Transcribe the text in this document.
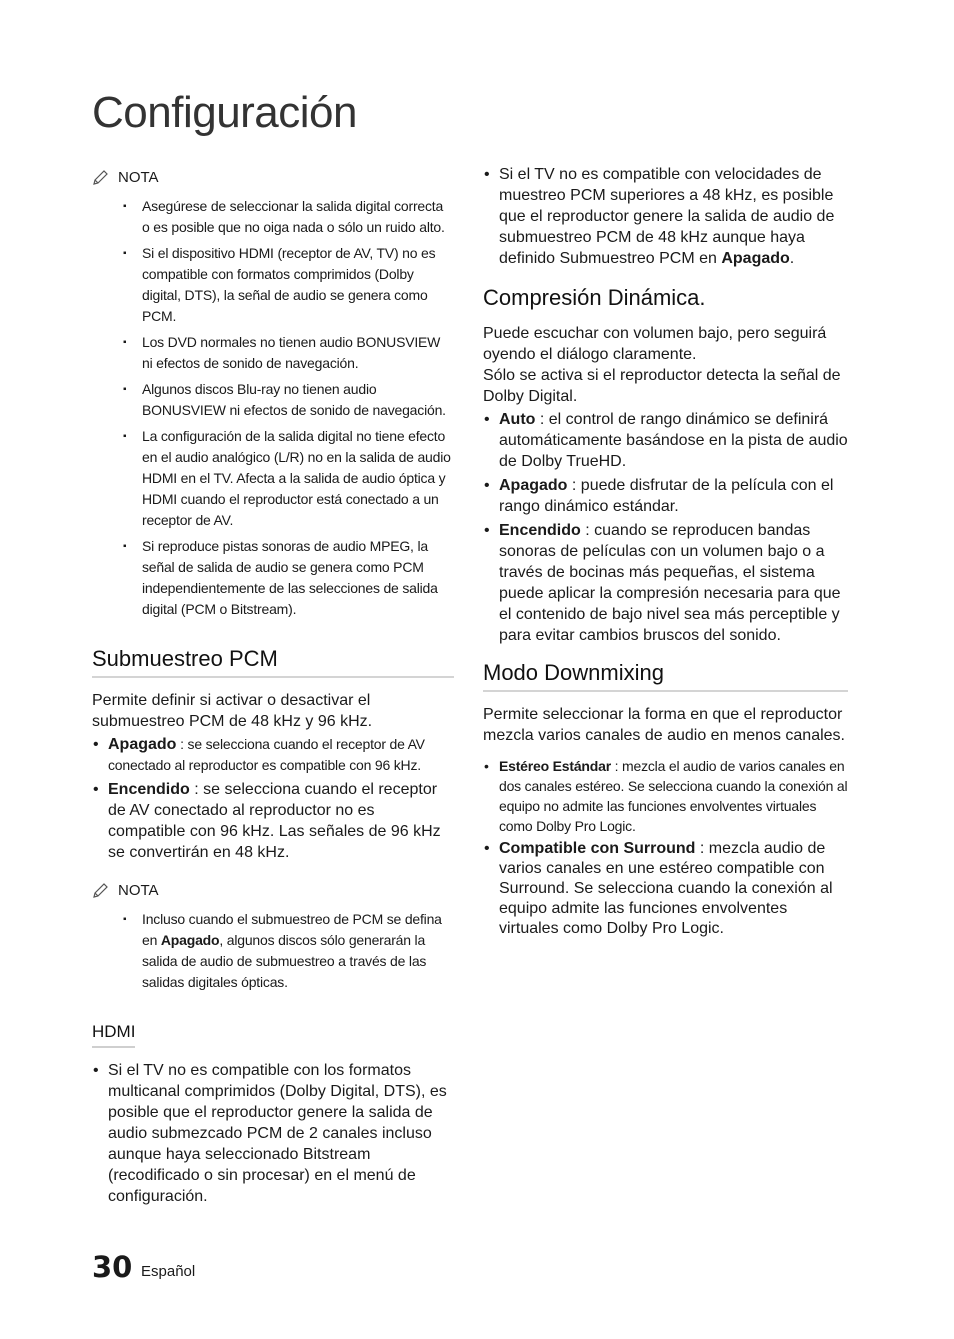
Configuración
NOTA
▪ Asegúrese de seleccionar la salida digital correcta o es posible que no oiga nada o sólo un ruido alto.
▪ Si el dispositivo HDMI (receptor de AV, TV) no es compatible con formatos comprimidos (Dolby digital, DTS), la señal de audio se genera como PCM.
▪ Los DVD normales no tienen audio BONUSVIEW ni efectos de sonido de navegación.
▪ Algunos discos Blu-ray no tienen audio BONUSVIEW ni efectos de sonido de navegación.
▪ La configuración de la salida digital no tiene efecto en el audio analógico (L/R) no en la salida de audio HDMI en el TV. Afecta a la salida de audio óptica y HDMI cuando el reproductor está conectado a un receptor de AV.
▪ Si reproduce pistas sonoras de audio MPEG, la señal de salida de audio se genera como PCM independientemente de las selecciones de salida digital (PCM o Bitstream).
Submuestreo PCM

Permite definir si activar o desactivar el submuestreo PCM de 48 kHz y 96 kHz.

• Apagado : se selecciona cuando el receptor de AV conectado al reproductor es compatible con 96 kHz.
• Encendido : se selecciona cuando el receptor de AV conectado al reproductor no es compatible con 96 kHz. Las señales de 96 kHz se convertirán en 48 kHz.
NOTA
▪ Incluso cuando el submuestreo de PCM se defina en Apagado, algunos discos sólo generarán la salida de audio de submuestreo a través de las salidas digitales ópticas.
HDMI
• Si el TV no es compatible con los formatos multicanal comprimidos (Dolby Digital, DTS), es posible que el reproductor genere la salida de audio submezcado PCM de 2 canales incluso aunque haya seleccionado Bitstream (recodificado o sin procesar) en el menú de configuración.
• Si el TV no es compatible con velocidades de muestreo PCM superiores a 48 kHz, es posible que el reproductor genere la salida de audio de submuestreo PCM de 48 kHz aunque haya definido Submuestreo PCM en Apagado.
Compresión Dinámica.

Puede escuchar con volumen bajo, pero seguirá oyendo el diálogo claramente.

Sólo se activa si el reproductor detecta la señal de Dolby Digital.

• Auto : el control de rango dinámico se definirá automáticamente basándose en la pista de audio de Dolby TrueHD.
• Apagado : puede disfrutar de la película con el rango dinámico estándar.
• Encendido : cuando se reproducen bandas sonoras de películas con un volumen bajo o a través de bocinas más pequeñas, el sistema puede aplicar la compresión necesaria para que el contenido de bajo nivel sea más perceptible y para evitar cambios bruscos del sonido.
Modo Downmixing

Permite seleccionar la forma en que el reproductor mezcla varios canales de audio en menos canales.

• Estéreo Estándar : mezcla el audio de varios canales en dos canales estéreo. Se selecciona cuando la conexión al equipo no admite las funciones envolventes virtuales como Dolby Pro Logic.
• Compatible con Surround : mezcla audio de varios canales en une estéreo compatible con Surround. Se selecciona cuando la conexión al equipo admite las funciones envolventes virtuales como Dolby Pro Logic.
30 Español
